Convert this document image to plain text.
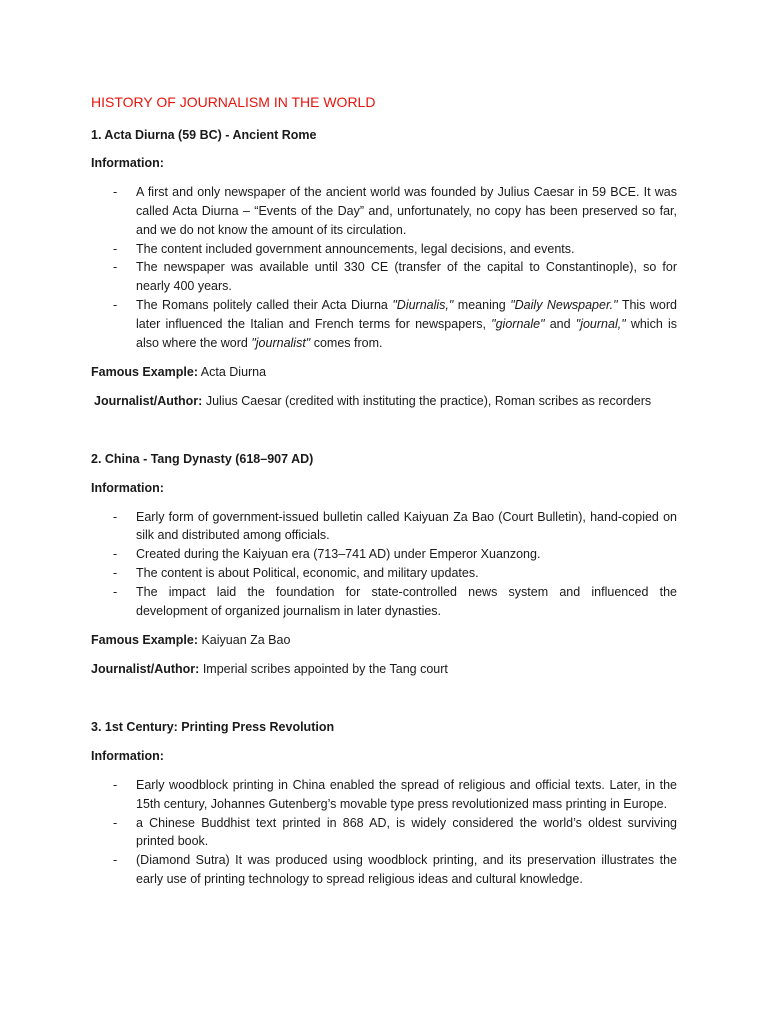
HISTORY OF JOURNALISM IN THE WORLD
1. Acta Diurna (59 BC) - Ancient Rome
Information:
- A first and only newspaper of the ancient world was founded by Julius Caesar in 59 BCE. It was
called Acta Diurna – “Events of the Day” and, unfortunately, no copy has been preserved so far,
and we do not know the amount of its circulation.
- The content included government announcements, legal decisions, and events.
- The newspaper was available until 330 CE (transfer of the capital to Constantinople), so for
nearly 400 years.
- The Romans politely called their Acta Diurna "Diurnalis," meaning "Daily Newspaper." This word
later influenced the Italian and French terms for newspapers, "giornale" and "journal," which is
also where the word "journalist" comes from.
Famous Example: Acta Diurna
Journalist/Author: Julius Caesar (credited with instituting the practice), Roman scribes as recorders
2. China - Tang Dynasty (618–907 AD)
Information:
- Early form of government-issued bulletin called Kaiyuan Za Bao (Court Bulletin), hand-copied on
silk and distributed among officials.
- Created during the Kaiyuan era (713–741 AD) under Emperor Xuanzong.
- The content is about Political, economic, and military updates.
- The impact laid the foundation for state-controlled news system and influenced the
development of organized journalism in later dynasties.
Famous Example: Kaiyuan Za Bao
Journalist/Author: Imperial scribes appointed by the Tang court
3. 1st Century: Printing Press Revolution
Information:
- Early woodblock printing in China enabled the spread of religious and official texts. Later, in the
15th century, Johannes Gutenberg’s movable type press revolutionized mass printing in Europe.
- a Chinese Buddhist text printed in 868 AD, is widely considered the world’s oldest surviving
printed book.
- (Diamond Sutra) It was produced using woodblock printing, and its preservation illustrates the
early use of printing technology to spread religious ideas and cultural knowledge.
